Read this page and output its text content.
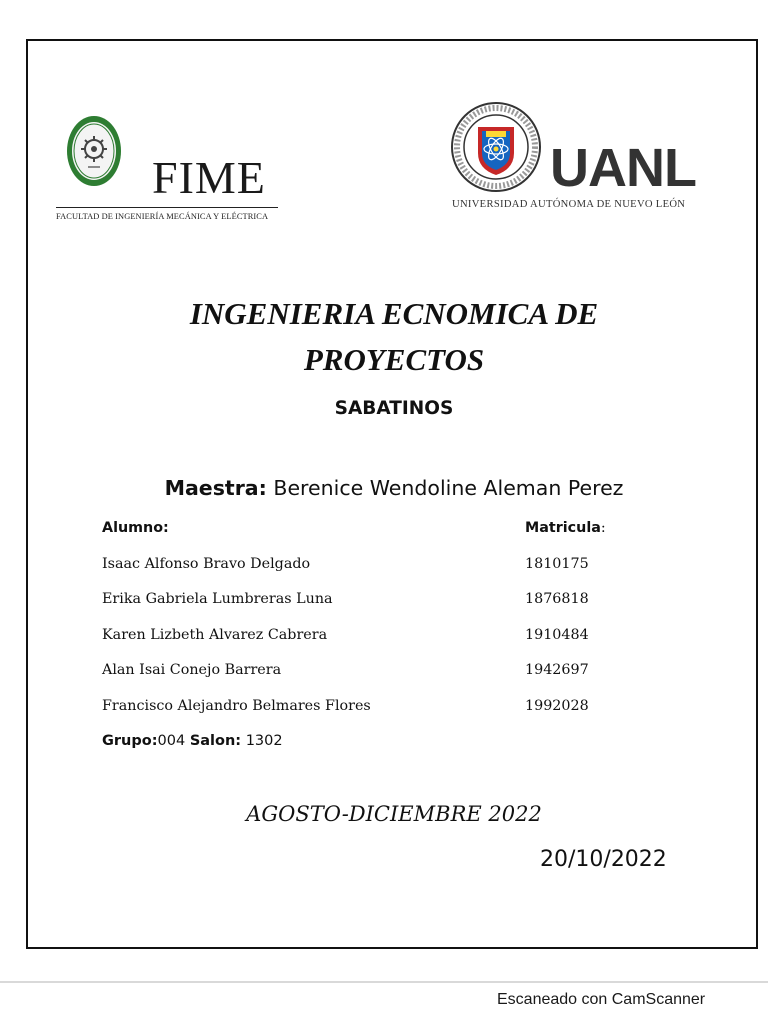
FIME
FACULTAD DE INGENIERÍA MECÁNICA Y ELÉCTRICA
UANL
UNIVERSIDAD AUTÓNOMA DE NUEVO LEÓN
INGENIERIA ECNOMICA DE
PROYECTOS
SABATINOS
Maestra: Berenice Wendoline Aleman Perez
Alumno:	Matricula:
Isaac Alfonso Bravo Delgado	1810175
Erika Gabriela Lumbreras Luna	1876818
Karen Lizbeth Alvarez Cabrera	1910484
Alan Isai Conejo Barrera	1942697
Francisco Alejandro Belmares Flores	1992028
Grupo:004 Salon: 1302
AGOSTO-DICIEMBRE 2022
20/10/2022
Escaneado con CamScanner
